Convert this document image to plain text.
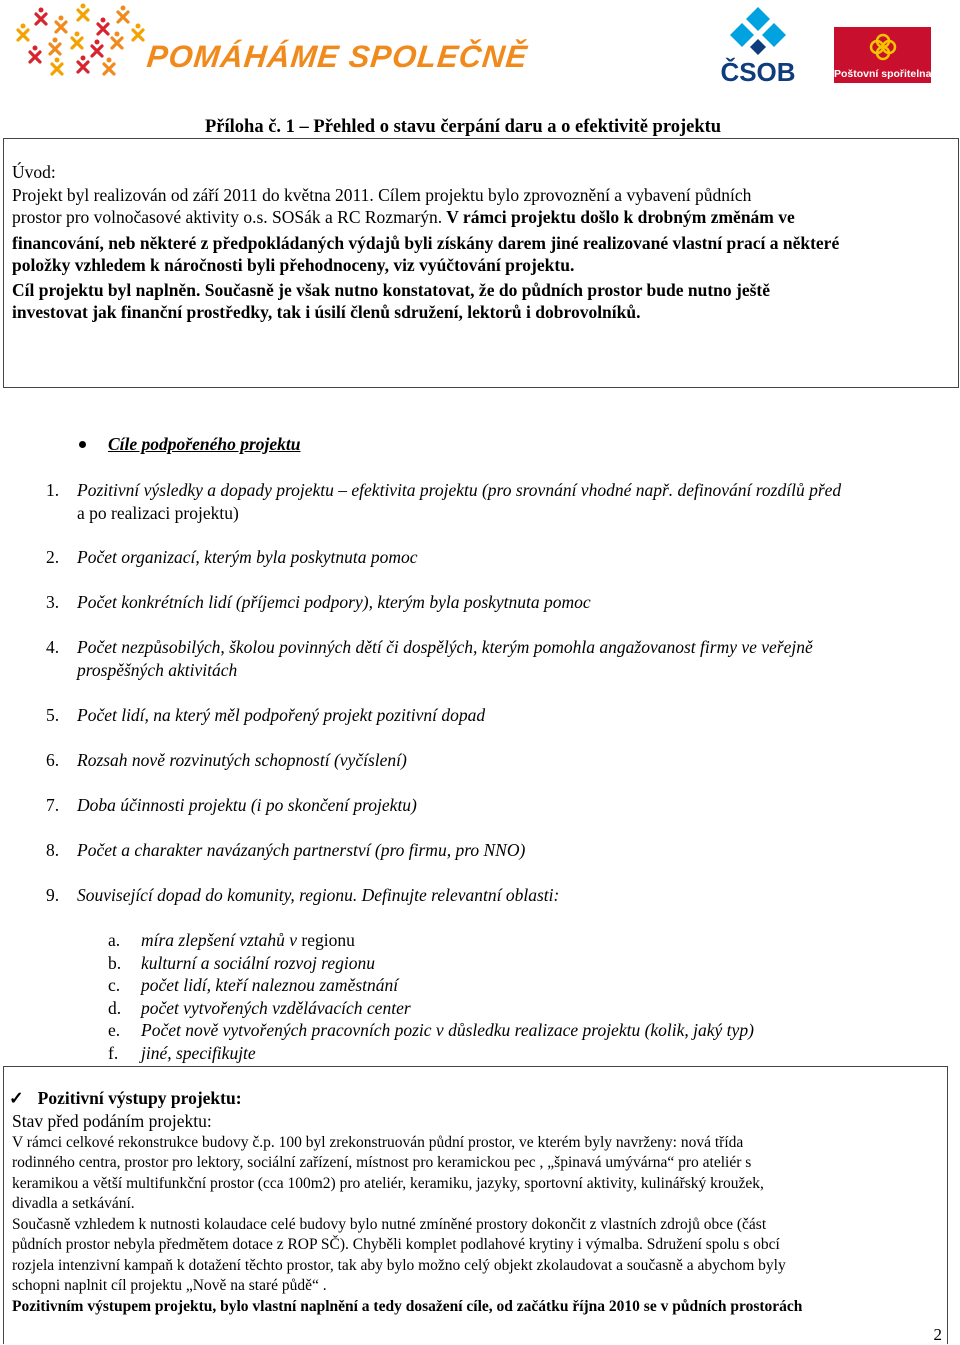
POMÁHÁME SPOLEČNĚ	ČSOB	Poštovní spořitelna
Příloha č. 1 – Přehled o stavu čerpání daru a o efektivitě projektu
Úvod:
Projekt byl realizován od září 2011 do května 2011. Cílem projektu bylo zprovoznění a vybavení půdních
prostor pro volnočasové aktivity o.s. SOSák a RC Rozmarýn. V rámci projektu došlo k drobným změnám ve
financování, neb některé z předpokládaných výdajů byli získány darem jiné realizované vlastní prací a některé
položky vzhledem k náročnosti byli přehodnoceny, viz vyúčtování projektu.
Cíl projektu byl naplněn. Současně je však nutno konstatovat, že do půdních prostor bude nutno ještě
investovat jak finanční prostředky, tak i úsilí členů sdružení, lektorů i dobrovolníků.
Cíle podpořeného projektu
1. Pozitivní výsledky a dopady projektu – efektivita projektu (pro srovnání vhodné např. definování rozdílů před
a po realizaci projektu)
2. Počet organizací, kterým byla poskytnuta pomoc
3. Počet konkrétních lidí (příjemci podpory), kterým byla poskytnuta pomoc
4. Počet nezpůsobilých, školou povinných dětí či dospělých, kterým pomohla angažovanost firmy ve veřejně
prospěšných aktivitách
5. Počet lidí, na který měl podpořený projekt pozitivní dopad
6. Rozsah nově rozvinutých schopností (vyčíslení)
7. Doba účinnosti projektu (i po skončení projektu)
8. Počet a charakter navázaných partnerství (pro firmu, pro NNO)
9. Související dopad do komunity, regionu. Definujte relevantní oblasti:
a. míra zlepšení vztahů v regionu
b. kulturní a sociální rozvoj regionu
c. počet lidí, kteří naleznou zaměstnání
d. počet vytvořených vzdělávacích center
e. Počet nově vytvořených pracovních pozic v důsledku realizace projektu (kolik, jaký typ)
f. jiné, specifikujte
✓ Pozitivní výstupy projektu:
Stav před podáním projektu:
V rámci celkové rekonstrukce budovy č.p. 100 byl zrekonstruován půdní prostor, ve kterém byly navrženy: nová třída
rodinného centra, prostor pro lektory, sociální zařízení, místnost pro keramickou pec , „špinavá umývárna“ pro ateliér s
keramikou a větší multifunkční prostor (cca 100m2) pro ateliér, keramiku, jazyky, sportovní aktivity, kulinářský kroužek,
divadla a setkávání.
Současně vzhledem k nutnosti kolaudace celé budovy bylo nutné zmíněné prostory dokončit z vlastních zdrojů obce (část
půdních prostor nebyla předmětem dotace z ROP SČ). Chyběli komplet podlahové krytiny i výmalba. Sdružení spolu s obcí
rozjela intenzivní kampaň k dotažení těchto prostor, tak aby bylo možno celý objekt zkolaudovat a současně a abychom byly
schopni naplnit cíl projektu „Nově na staré půdě“ .
Pozitivním výstupem projektu, bylo vlastní naplnění a tedy dosažení cíle, od začátku října 2010 se v půdních prostorách
2
